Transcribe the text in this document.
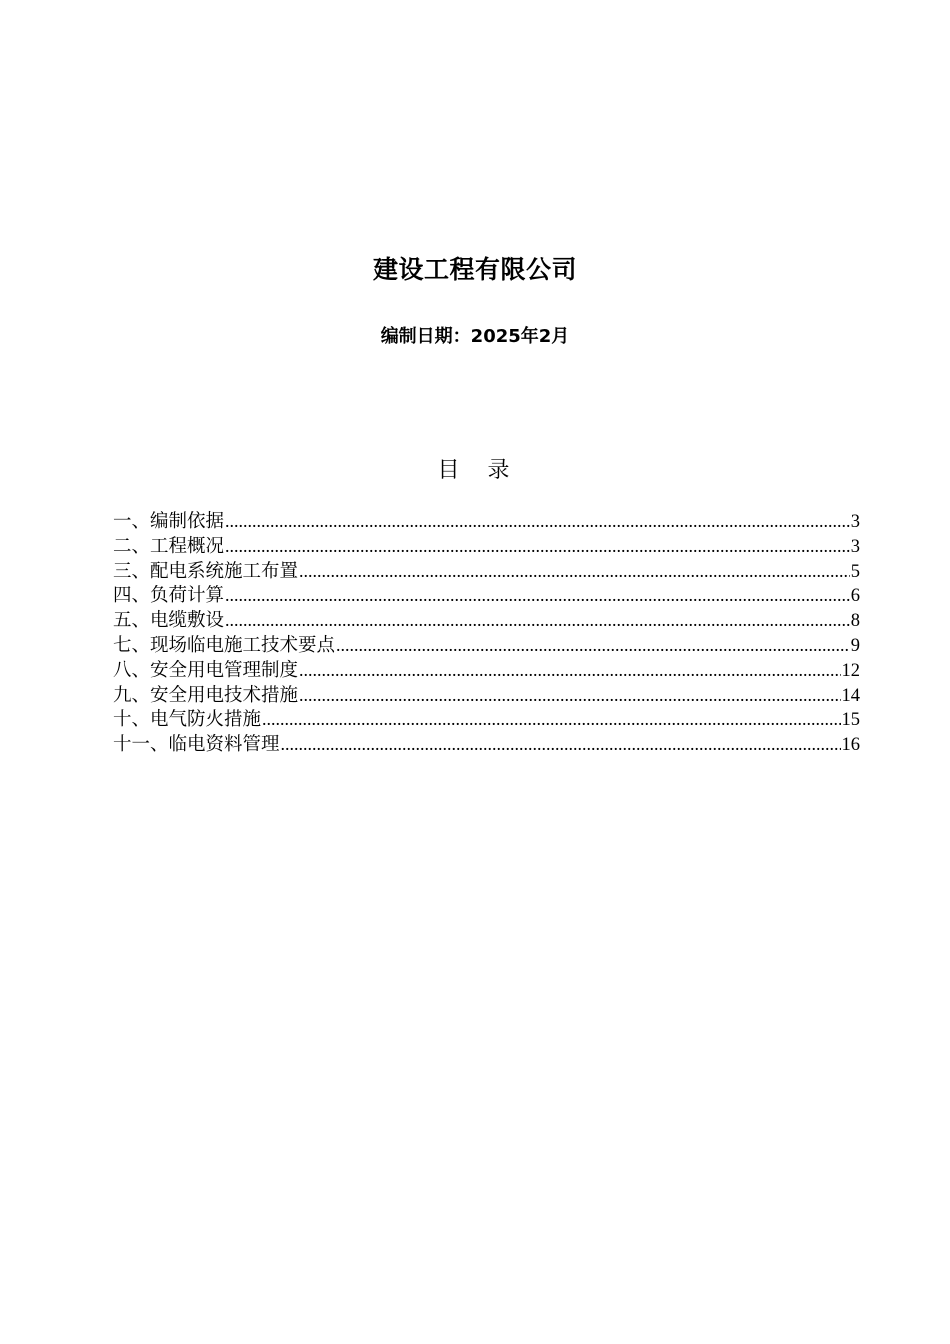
建设工程有限公司
编制日期：2025年2月
目录
一、编制依据 .....	3
二、工程概况 .....	3
三、配电系统施工布置 .....	5
四、负荷计算 .....	6
五、电缆敷设 .....	8
七、现场临电施工技术要点 .....	9
八、安全用电管理制度 .....	12
九、安全用电技术措施 .....	14
十、电气防火措施 .....	15
十一、临电资料管理 .....	16
